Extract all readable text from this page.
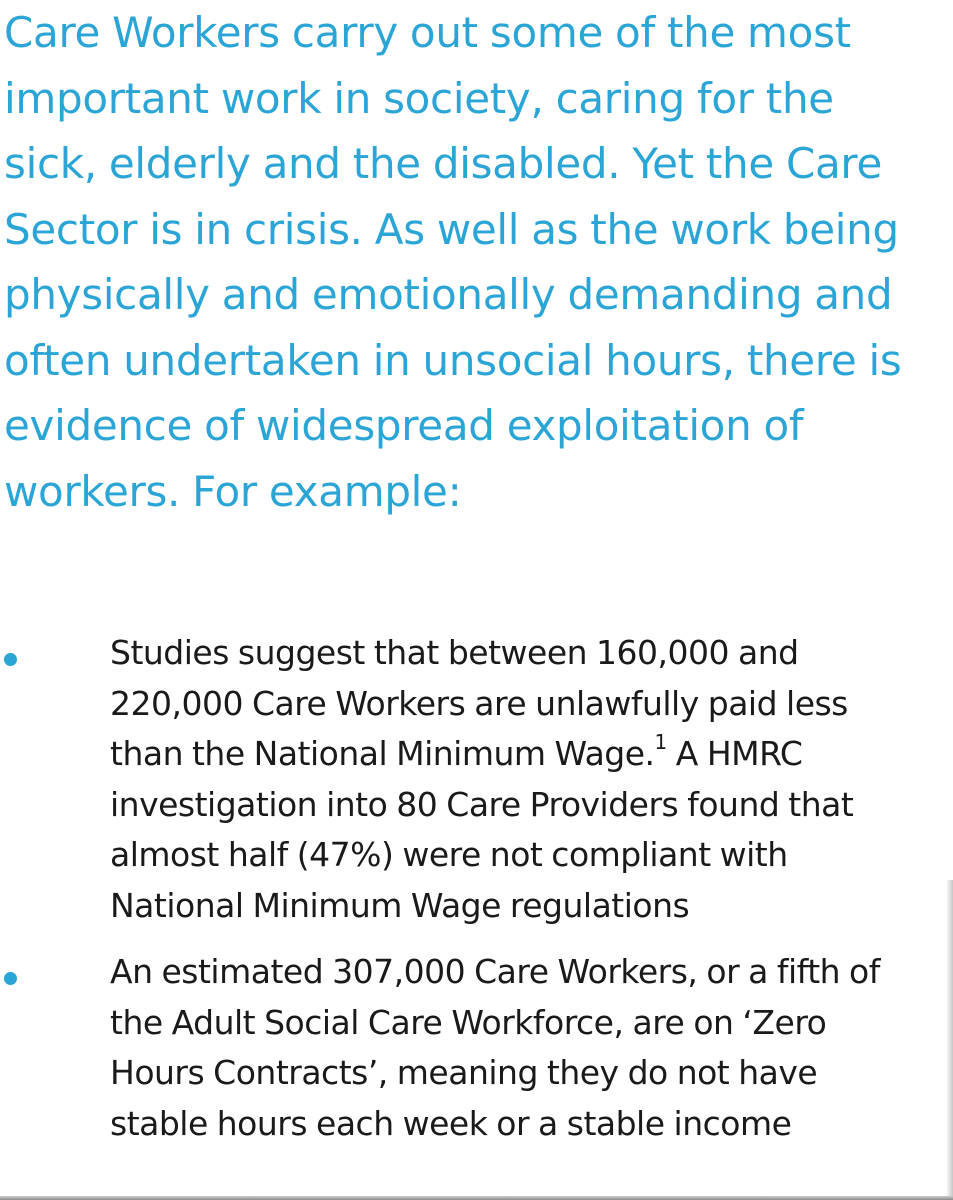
Care Workers carry out some of the most important work in society, caring for the sick, elderly and the disabled. Yet the Care Sector is in crisis. As well as the work being physically and emotionally demanding and often undertaken in unsocial hours, there is evidence of widespread exploitation of workers. For example:

Studies suggest that between 160,000 and 220,000 Care Workers are unlawfully paid less than the National Minimum Wage.$^1$ A HMRC investigation into 80 Care Providers found that almost half (47%) were not compliant with National Minimum Wage regulations
An estimated 307,000 Care Workers, or a fifth of the Adult Social Care Workforce, are on ‘Zero Hours Contracts’, meaning they do not have stable hours each week or a stable income
